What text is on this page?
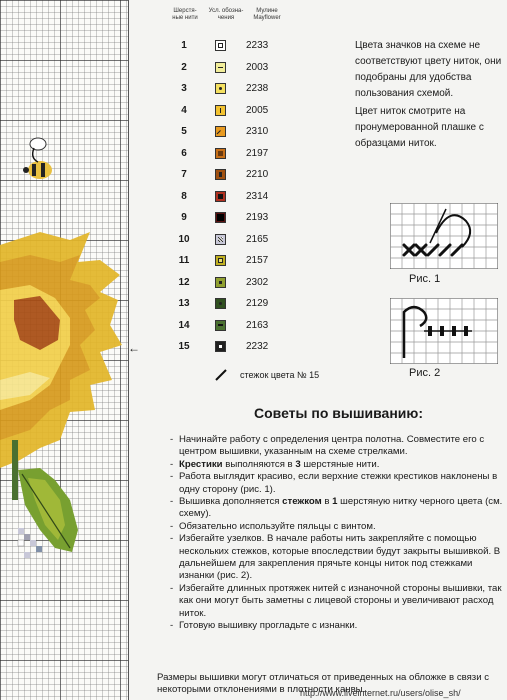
←
Шерстя-ные нити
Усл. обозна-чения
Мулине Mayflower
1	2233
2	2003
3	2238
4	2005
5	2310
6	2197
7	2210
8	2314
9	2193
10	2165
11	2157
12	2302
13	2129
14	2163
15	2232
стежок цвета № 15

Цвета значков на схеме не соответствуют цвету ниток, они подобраны для удобства пользования схемой.

Цвет ниток смотрите на пронумерованной плашке с образцами ниток.

Рис. 1
Рис. 2
Советы по вышиванию:
- Начинайте работу с определения центра полотна. Совместите его с центром вышивки, указанным на схеме стрелками.
- Крестики выполняются в 3 шерстяные нити.
- Работа выглядит красиво, если верхние стежки крестиков наклонены в одну сторону (рис. 1).
- Вышивка дополняется стежком в 1 шерстяную нитку черного цвета (см. схему).
- Обязательно используйте пяльцы с винтом.
- Избегайте узелков. В начале работы нить закрепляйте с помощью нескольких стежков, которые впоследствии будут закрыты вышивкой. В дальнейшем для закрепления прячьте концы ниток под стежками изнанки (рис. 2).
- Избегайте длинных протяжек нитей с изнаночной стороны вышивки, так как они могут быть заметны с лицевой стороны и увеличивают расход ниток.
- Готовую вышивку прогладьте с изнанки.
Размеры вышивки могут отличаться от приведенных на обложке в связи с некоторыми отклонениями в плотности канвы.
http://www.liveinternet.ru/users/olise_sh/
